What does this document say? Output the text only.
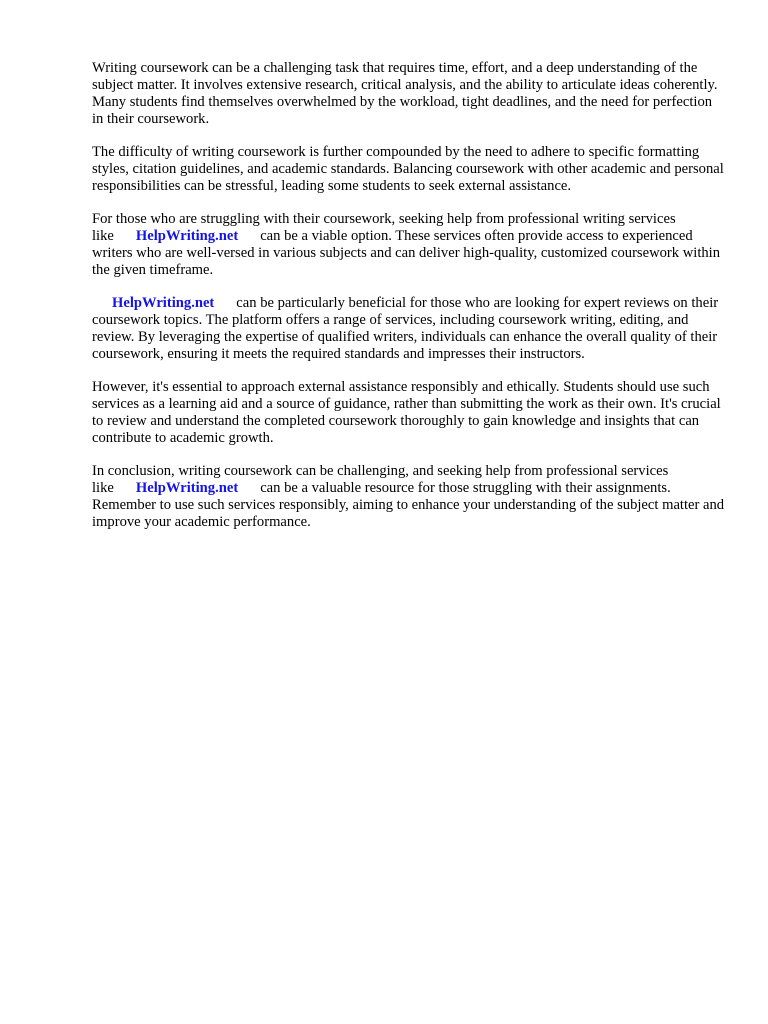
Writing coursework can be a challenging task that requires time, effort, and a deep understanding of the subject matter. It involves extensive research, critical analysis, and the ability to articulate ideas coherently. Many students find themselves overwhelmed by the workload, tight deadlines, and the need for perfection in their coursework.

The difficulty of writing coursework is further compounded by the need to adhere to specific formatting styles, citation guidelines, and academic standards. Balancing coursework with other academic and personal responsibilities can be stressful, leading some students to seek external assistance.

For those who are struggling with their coursework, seeking help from professional writing services like HelpWriting.net can be a viable option. These services often provide access to experienced writers who are well-versed in various subjects and can deliver high-quality, customized coursework within the given timeframe.

HelpWriting.net can be particularly beneficial for those who are looking for expert reviews on their coursework topics. The platform offers a range of services, including coursework writing, editing, and review. By leveraging the expertise of qualified writers, individuals can enhance the overall quality of their coursework, ensuring it meets the required standards and impresses their instructors.

However, it's essential to approach external assistance responsibly and ethically. Students should use such services as a learning aid and a source of guidance, rather than submitting the work as their own. It's crucial to review and understand the completed coursework thoroughly to gain knowledge and insights that can contribute to academic growth.

In conclusion, writing coursework can be challenging, and seeking help from professional services like HelpWriting.net can be a valuable resource for those struggling with their assignments. Remember to use such services responsibly, aiming to enhance your understanding of the subject matter and improve your academic performance.
